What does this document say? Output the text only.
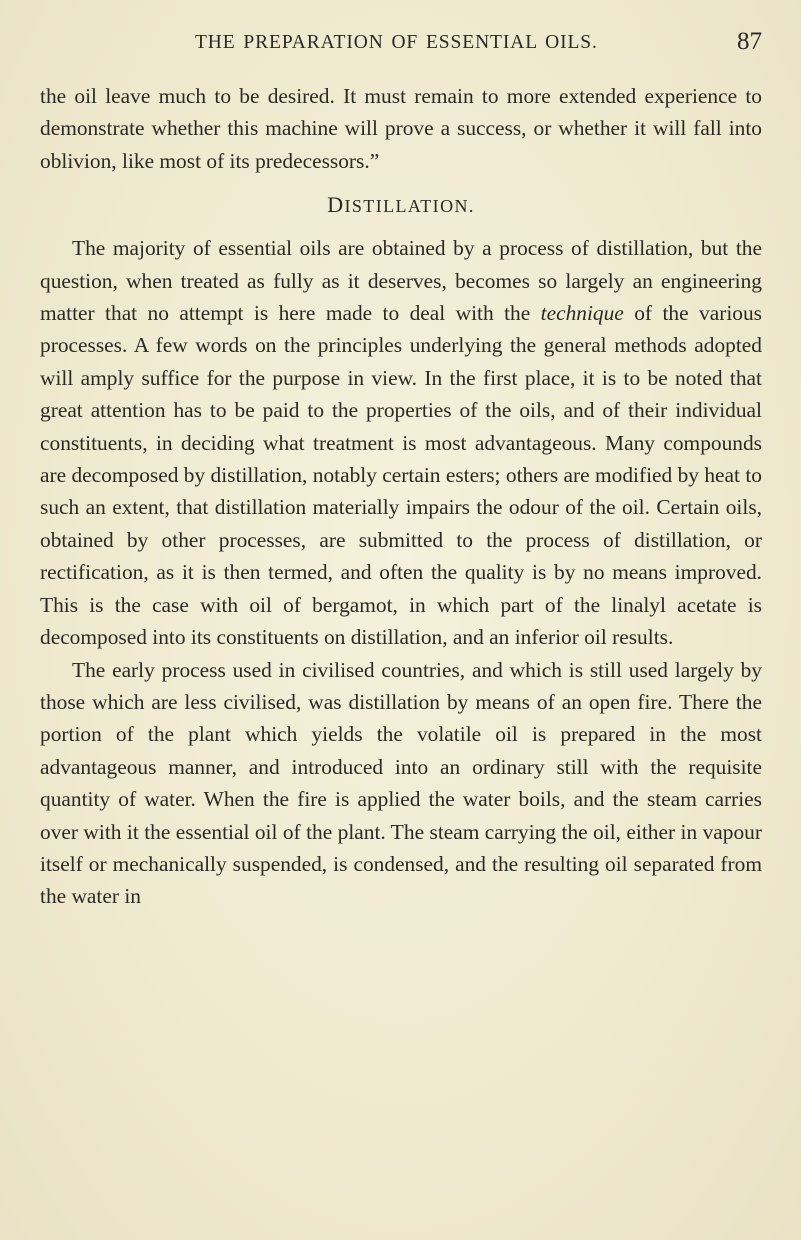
THE PREPARATION OF ESSENTIAL OILS.	87

the oil leave much to be desired. It must remain to more extended experience to demonstrate whether this machine will prove a success, or whether it will fall into oblivion, like most of its predecessors.”

DISTILLATION.

The majority of essential oils are obtained by a process of distillation, but the question, when treated as fully as it deserves, becomes so largely an engineering matter that no attempt is here made to deal with the technique of the various processes. A few words on the principles underlying the general methods adopted will amply suffice for the purpose in view. In the first place, it is to be noted that great attention has to be paid to the properties of the oils, and of their individual constituents, in deciding what treatment is most advantageous. Many compounds are decomposed by distillation, notably certain esters; others are modified by heat to such an extent, that distillation materially impairs the odour of the oil. Certain oils, obtained by other processes, are submitted to the process of distillation, or rectification, as it is then termed, and often the quality is by no means improved. This is the case with oil of bergamot, in which part of the linalyl acetate is decomposed into its constituents on distillation, and an inferior oil results.

The early process used in civilised countries, and which is still used largely by those which are less civilised, was distillation by means of an open fire. There the portion of the plant which yields the volatile oil is prepared in the most advantageous manner, and introduced into an ordinary still with the requisite quantity of water. When the fire is applied the water boils, and the steam carries over with it the essential oil of the plant. The steam carrying the oil, either in vapour itself or mechanically suspended, is condensed, and the resulting oil separated from the water in
